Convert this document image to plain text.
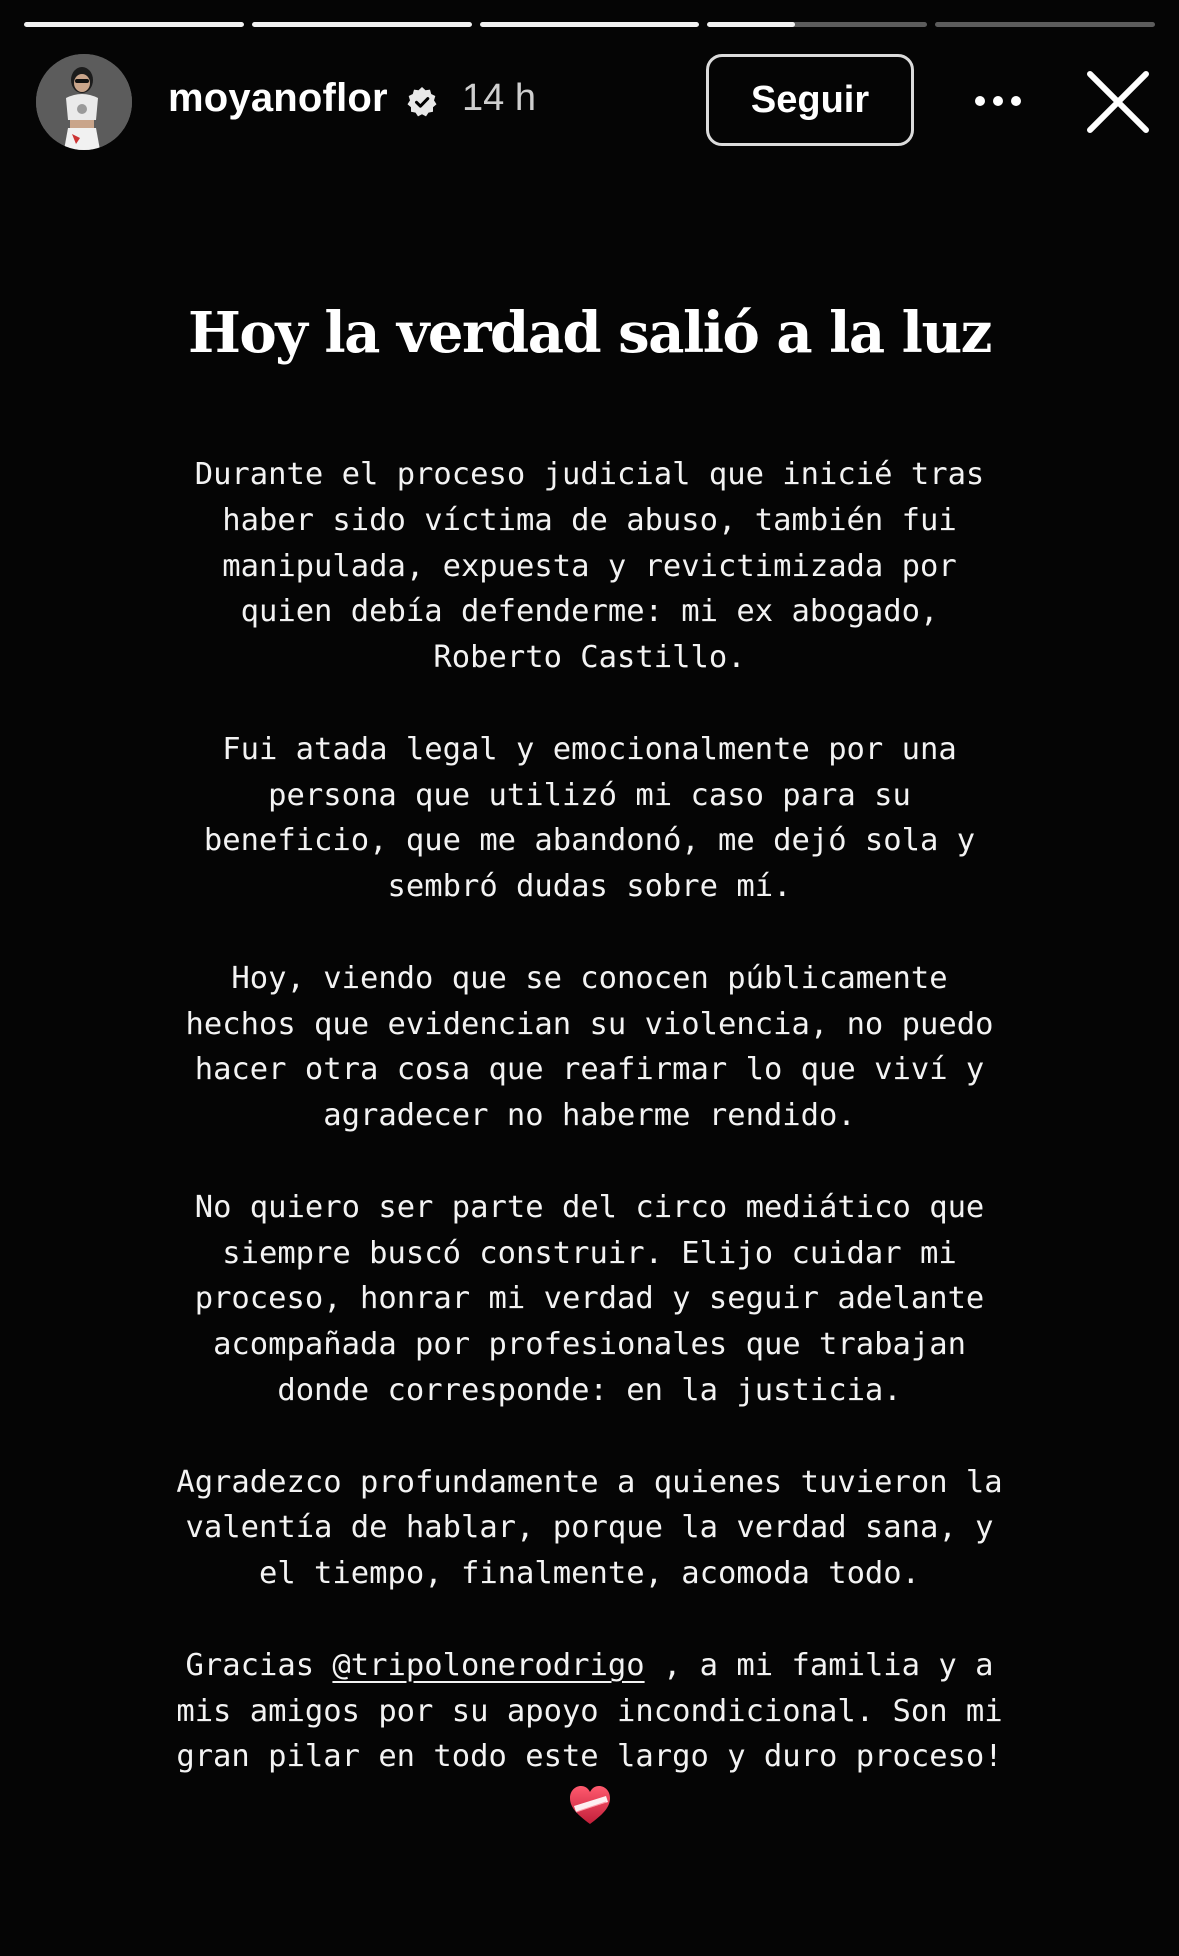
moyanoflor 14 h	Seguir
Hoy la verdad salió a la luz

Durante el proceso judicial que inicié tras
haber sido víctima de abuso, también fui
manipulada, expuesta y revictimizada por
quien debía defenderme: mi ex abogado,
Roberto Castillo.

Fui atada legal y emocionalmente por una
persona que utilizó mi caso para su
beneficio, que me abandonó, me dejó sola y
sembró dudas sobre mí.

Hoy, viendo que se conocen públicamente
hechos que evidencian su violencia, no puedo
hacer otra cosa que reafirmar lo que viví y
agradecer no haberme rendido.

No quiero ser parte del circo mediático que
siempre buscó construir. Elijo cuidar mi
proceso, honrar mi verdad y seguir adelante
acompañada por profesionales que trabajan
donde corresponde: en la justicia.

Agradezco profundamente a quienes tuvieron la
valentía de hablar, porque la verdad sana, y
el tiempo, finalmente, acomoda todo.

Gracias @tripolonerodrigo , a mi familia y a
mis amigos por su apoyo incondicional. Son mi
gran pilar en todo este largo y duro proceso!
